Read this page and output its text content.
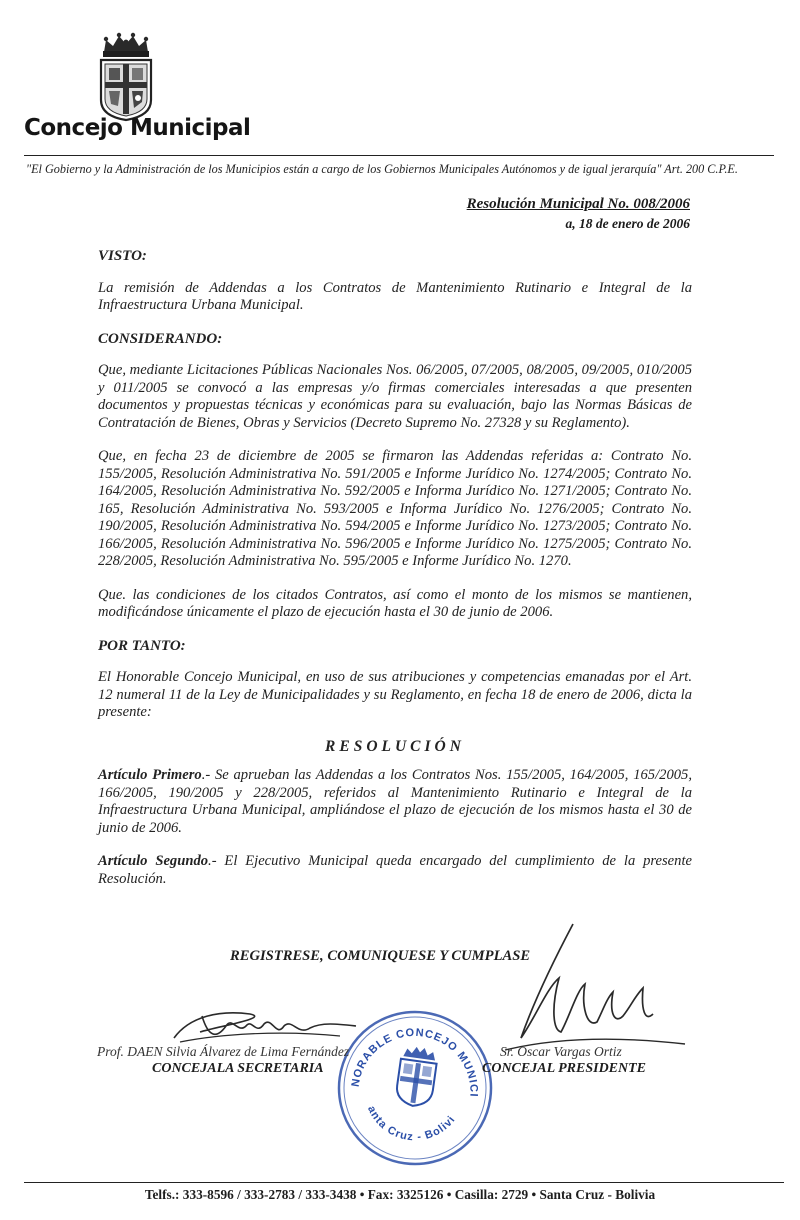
Concejo Municipal
"El Gobierno y la Administración de los Municipios están a cargo de los Gobiernos Municipales Autónomos y de igual jerarquía" Art. 200 C.P.E.
Resolución Municipal No. 008/2006
a, 18 de enero de 2006
VISTO:

La remisión de Addendas a los Contratos de Mantenimiento Rutinario e Integral de la Infraestructura Urbana Municipal.

CONSIDERANDO:

Que, mediante Licitaciones Públicas Nacionales Nos. 06/2005, 07/2005, 08/2005, 09/2005, 010/2005 y 011/2005 se convocó a las empresas y/o firmas comerciales interesadas a que presenten documentos y propuestas técnicas y económicas para su evaluación, bajo las Normas Básicas de Contratación de Bienes, Obras y Servicios (Decreto Supremo No. 27328 y su Reglamento).

Que, en fecha 23 de diciembre de 2005 se firmaron las Addendas referidas a: Contrato No. 155/2005, Resolución Administrativa No. 591/2005 e Informe Jurídico No. 1274/2005; Contrato No. 164/2005, Resolución Administrativa No. 592/2005 e Informa Jurídico No. 1271/2005; Contrato No. 165, Resolución Administrativa No. 593/2005 e Informa Jurídico No. 1276/2005; Contrato No. 190/2005, Resolución Administrativa No. 594/2005 e Informe Jurídico No. 1273/2005; Contrato No. 166/2005, Resolución Administrativa No. 596/2005 e Informe Jurídico No. 1275/2005; Contrato No. 228/2005, Resolución Administrativa No. 595/2005 e Informe Jurídico No. 1270.

Que. las condiciones de los citados Contratos, así como el monto de los mismos se mantienen, modificándose únicamente el plazo de ejecución hasta el 30 de junio de 2006.

POR TANTO:

El Honorable Concejo Municipal, en uso de sus atribuciones y competencias emanadas por el Art. 12 numeral 11 de la Ley de Municipalidades y su Reglamento, en fecha 18 de enero de 2006, dicta la presente:

RESOLUCIÓN

Artículo Primero.- Se aprueban las Addendas a los Contratos Nos. 155/2005, 164/2005, 165/2005, 166/2005, 190/2005 y 228/2005, referidos al Mantenimiento Rutinario e Integral de la Infraestructura Urbana Municipal, ampliándose el plazo de ejecución de los mismos hasta el 30 de junio de 2006.

Artículo Segundo.- El Ejecutivo Municipal queda encargado del cumplimiento de la presente Resolución.

REGISTRESE, COMUNIQUESE Y CUMPLASE
HONORABLE CONCEJO MUNICIPAL
Santa Cruz - Bolivia
Prof. DAEN Silvia Álvarez de Lima Fernández
CONCEJALA SECRETARIA
Sr. Oscar Vargas Ortiz
CONCEJAL PRESIDENTE
Telfs.: 333-8596 / 333-2783 / 333-3438 • Fax: 3325126 • Casilla: 2729 • Santa Cruz - Bolivia
